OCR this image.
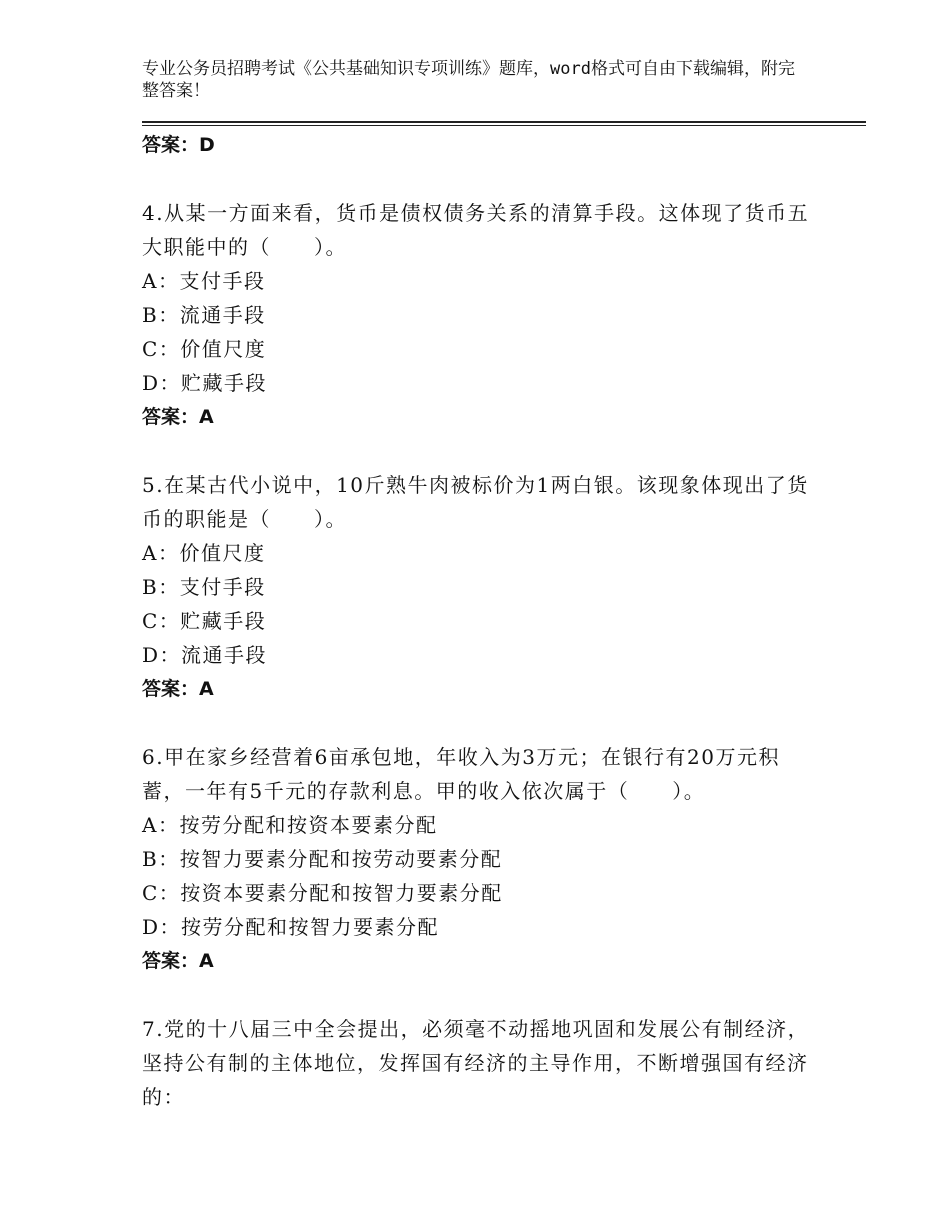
专业公务员招聘考试《公共基础知识专项训练》题库，word格式可自由下载编辑，附完整答案！
答案：D
4.从某一方面来看，货币是债权债务关系的清算手段。这体现了货币五大职能中的（　　）。
A：支付手段
B：流通手段
C：价值尺度
D：贮藏手段
答案：A
5.在某古代小说中，10斤熟牛肉被标价为1两白银。该现象体现出了货币的职能是（　　）。
A：价值尺度
B：支付手段
C：贮藏手段
D：流通手段
答案：A
6.甲在家乡经营着6亩承包地，年收入为3万元；在银行有20万元积蓄，一年有5千元的存款利息。甲的收入依次属于（　　）。
A：按劳分配和按资本要素分配
B：按智力要素分配和按劳动要素分配
C：按资本要素分配和按智力要素分配
D：按劳分配和按智力要素分配
答案：A
7.党的十八届三中全会提出，必须毫不动摇地巩固和发展公有制经济，坚持公有制的主体地位，发挥国有经济的主导作用，不断增强国有经济的：
